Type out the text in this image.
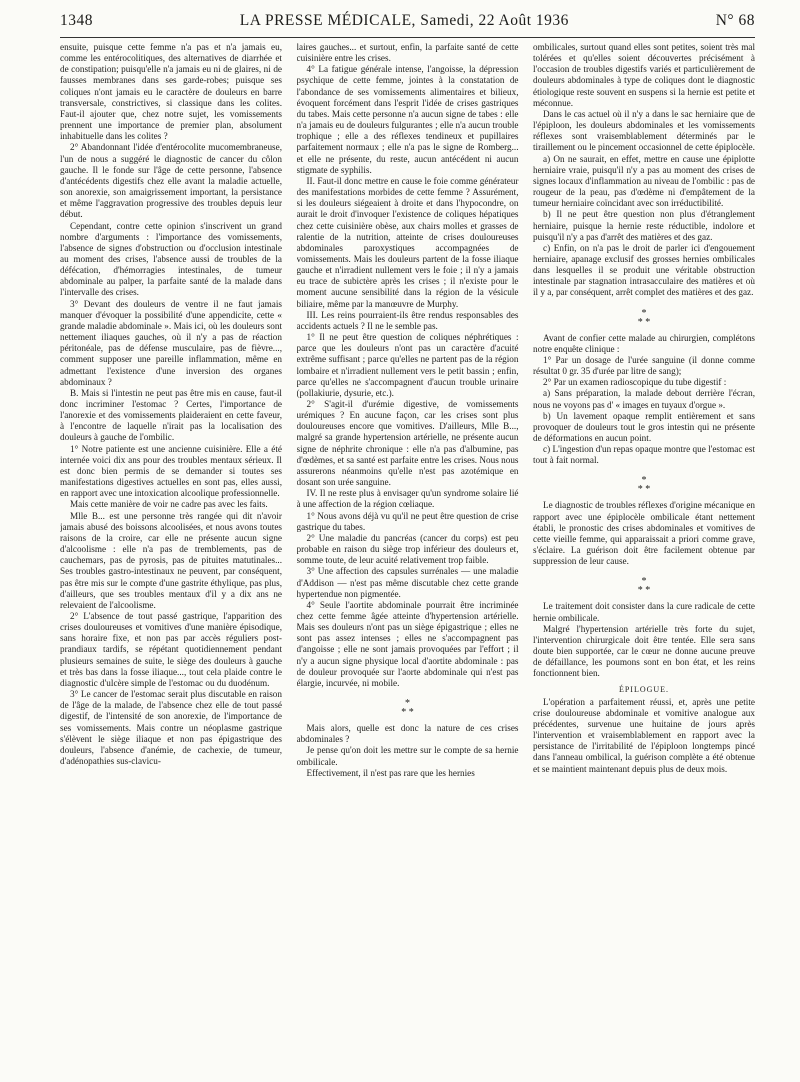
1348	LA PRESSE MÉDICALE, Samedi, 22 Août 1936	N° 68

ensuite, puisque cette femme n'a pas et n'a jamais eu, comme les entérocolitiques, des alternatives de diarrhée et de constipation; puisqu'elle n'a jamais eu ni de glaires, ni de fausses membranes dans ses garde-robes; puisque ses coliques n'ont jamais eu le caractère de douleurs en barre transversale, constrictives, si classique dans les colites. Faut-il ajouter que, chez notre sujet, les vomissements prennent une importance de premier plan, absolument inhabituelle dans les colites ?

2° Abandonnant l'idée d'entérocolite mucomembraneuse, l'un de nous a suggéré le diagnostic de cancer du côlon gauche. Il le fonde sur l'âge de cette personne, l'absence d'antécédents digestifs chez elle avant la maladie actuelle, son anorexie, son amaigrissement important, la persistance et même l'aggravation progressive des troubles depuis leur début.

Cependant, contre cette opinion s'inscrivent un grand nombre d'arguments : l'importance des vomissements, l'absence de signes d'obstruction ou d'occlusion intestinale au moment des crises, l'absence aussi de troubles de la défécation, d'hémorragies intestinales, de tumeur abdominale au palper, la parfaite santé de la malade dans l'intervalle des crises.

3° Devant des douleurs de ventre il ne faut jamais manquer d'évoquer la possibilité d'une appendicite, cette « grande maladie abdominale ». Mais ici, où les douleurs sont nettement iliaques gauches, où il n'y a pas de réaction péritonéale, pas de défense musculaire, pas de fièvre..., comment supposer une pareille inflammation, même en admettant l'existence d'une inversion des organes abdominaux ?

B. Mais si l'intestin ne peut pas être mis en cause, faut-il donc incriminer l'estomac ? Certes, l'importance de l'anorexie et des vomissements plaideraient en cette faveur, à l'encontre de laquelle n'irait pas la localisation des douleurs à gauche de l'ombilic.

1° Notre patiente est une ancienne cuisinière. Elle a été internée voici dix ans pour des troubles mentaux sérieux. Il est donc bien permis de se demander si toutes ses manifestations digestives actuelles en sont pas, elles aussi, en rapport avec une intoxication alcoolique professionnelle.

Mais cette manière de voir ne cadre pas avec les faits.

Mlle B... est une personne très rangée qui dit n'avoir jamais abusé des boissons alcoolisées, et nous avons toutes raisons de la croire, car elle ne présente aucun signe d'alcoolisme : elle n'a pas de tremblements, pas de cauchemars, pas de pyrosis, pas de pituites matutinales... Ses troubles gastro-intestinaux ne peuvent, par conséquent, pas être mis sur le compte d'une gastrite éthylique, pas plus, d'ailleurs, que ses troubles mentaux d'il y a dix ans ne relevaient de l'alcoolisme.

2° L'absence de tout passé gastrique, l'apparition des crises douloureuses et vomitives d'une manière épisodique, sans horaire fixe, et non pas par accès réguliers post-prandiaux tardifs, se répétant quotidiennement pendant plusieurs semaines de suite, le siège des douleurs à gauche et très bas dans la fosse iliaque..., tout cela plaide contre le diagnostic d'ulcère simple de l'estomac ou du duodénum.

3° Le cancer de l'estomac serait plus discutable en raison de l'âge de la malade, de l'absence chez elle de tout passé digestif, de l'intensité de son anorexie, de l'importance de ses vomissements. Mais contre un néoplasme gastrique s'élèvent le siège iliaque et non pas épigastrique des douleurs, l'absence d'anémie, de cachexie, de tumeur, d'adénopathies sus-clavicu-

laires gauches... et surtout, enfin, la parfaite santé de cette cuisinière entre les crises.

4° La fatigue générale intense, l'angoisse, la dépression psychique de cette femme, jointes à la constatation de l'abondance de ses vomissements alimentaires et bilieux, évoquent forcément dans l'esprit l'idée de crises gastriques du tabes. Mais cette personne n'a aucun signe de tabes : elle n'a jamais eu de douleurs fulgurantes ; elle n'a aucun trouble trophique ; elle a des réflexes tendineux et pupillaires parfaitement normaux ; elle n'a pas le signe de Romberg... et elle ne présente, du reste, aucun antécédent ni aucun stigmate de syphilis.

II. Faut-il donc mettre en cause le foie comme générateur des manifestations morbides de cette femme ? Assurément, si les douleurs siégeaient à droite et dans l'hypocondre, on aurait le droit d'invoquer l'existence de coliques hépatiques chez cette cuisinière obèse, aux chairs molles et grasses de ralentie de la nutrition, atteinte de crises douloureuses abdominales paroxystiques accompagnées de vomissements. Mais les douleurs partent de la fosse iliaque gauche et n'irradient nullement vers le foie ; il n'y a jamais eu trace de subictère après les crises ; il n'existe pour le moment aucune sensibilité dans la région de la vésicule biliaire, même par la manœuvre de Murphy.

III. Les reins pourraient-ils être rendus responsables des accidents actuels ? Il ne le semble pas.

1° Il ne peut être question de coliques néphrétiques : parce que les douleurs n'ont pas un caractère d'acuité extrême suffisant ; parce qu'elles ne partent pas de la région lombaire et n'irradient nullement vers le petit bassin ; enfin, parce qu'elles ne s'accompagnent d'aucun trouble urinaire (pollakiurie, dysurie, etc.).

2° S'agit-il d'urémie digestive, de vomissements urémiques ? En aucune façon, car les crises sont plus douloureuses encore que vomitives. D'ailleurs, Mlle B..., malgré sa grande hypertension artérielle, ne présente aucun signe de néphrite chronique : elle n'a pas d'albumine, pas d'œdèmes, et sa santé est parfaite entre les crises. Nous nous assurerons néanmoins qu'elle n'est pas azotémique en dosant son urée sanguine.

IV. Il ne reste plus à envisager qu'un syndrome solaire lié à une affection de la région cœliaque.

1° Nous avons déjà vu qu'il ne peut être question de crise gastrique du tabes.

2° Une maladie du pancréas (cancer du corps) est peu probable en raison du siège trop inférieur des douleurs et, somme toute, de leur acuité relativement trop faible.

3° Une affection des capsules surrénales — une maladie d'Addison — n'est pas même discutable chez cette grande hypertendue non pigmentée.

4° Seule l'aortite abdominale pourrait être incriminée chez cette femme âgée atteinte d'hypertension artérielle. Mais ses douleurs n'ont pas un siège épigastrique ; elles ne sont pas assez intenses ; elles ne s'accompagnent pas d'angoisse ; elle ne sont jamais provoquées par l'effort ; il n'y a aucun signe physique local d'aortite abdominale : pas de douleur provoquée sur l'aorte abdominale qui n'est pas élargie, incurvée, ni mobile.

*
* *

Mais alors, quelle est donc la nature de ces crises abdominales ?

Je pense qu'on doit les mettre sur le compte de sa hernie ombilicale.

Effectivement, il n'est pas rare que les hernies

ombilicales, surtout quand elles sont petites, soient très mal tolérées et qu'elles soient découvertes précisément à l'occasion de troubles digestifs variés et particulièrement de douleurs abdominales à type de coliques dont le diagnostic étiologique reste souvent en suspens si la hernie est petite et méconnue.

Dans le cas actuel où il n'y a dans le sac herniaire que de l'épiploon, les douleurs abdominales et les vomissements réflexes sont vraisemblablement déterminés par le tiraillement ou le pincement occasionnel de cette épiplocèle.

a) On ne saurait, en effet, mettre en cause une épiplotte herniaire vraie, puisqu'il n'y a pas au moment des crises de signes locaux d'inflammation au niveau de l'ombilic : pas de rougeur de la peau, pas d'œdème ni d'empâtement de la tumeur herniaire coïncidant avec son irréductibilité.

b) Il ne peut être question non plus d'étranglement herniaire, puisque la hernie reste réductible, indolore et puisqu'il n'y a pas d'arrêt des matières et des gaz.

c) Enfin, on n'a pas le droit de parler ici d'engouement herniaire, apanage exclusif des grosses hernies ombilicales dans lesquelles il se produit une véritable obstruction intestinale par stagnation intrasacculaire des matières et où il y a, par conséquent, arrêt complet des matières et des gaz.

*
* *

Avant de confier cette malade au chirurgien, complétons notre enquête clinique :

1° Par un dosage de l'urée sanguine (il donne comme résultat 0 gr. 35 d'urée par litre de sang);

2° Par un examen radioscopique du tube digestif :

a) Sans préparation, la malade debout derrière l'écran, nous ne voyons pas d' « images en tuyaux d'orgue ».

b) Un lavement opaque remplit entièrement et sans provoquer de douleurs tout le gros intestin qui ne présente de déformations en aucun point.

c) L'ingestion d'un repas opaque montre que l'estomac est tout à fait normal.

*
* *

Le diagnostic de troubles réflexes d'origine mécanique en rapport avec une épiplocèle ombilicale étant nettement établi, le pronostic des crises abdominales et vomitives de cette vieille femme, qui apparaissait a priori comme grave, s'éclaire. La guérison doit être facilement obtenue par suppression de leur cause.

*
* *

Le traitement doit consister dans la cure radicale de cette hernie ombilicale.

Malgré l'hypertension artérielle très forte du sujet, l'intervention chirurgicale doit être tentée. Elle sera sans doute bien supportée, car le cœur ne donne aucune preuve de défaillance, les poumons sont en bon état, et les reins fonctionnent bien.

ÉPILOGUE.

L'opération a parfaitement réussi, et, après une petite crise douloureuse abdominale et vomitive analogue aux précédentes, survenue une huitaine de jours après l'intervention et vraisemblablement en rapport avec la persistance de l'irritabilité de l'épiploon longtemps pincé dans l'anneau ombilical, la guérison complète a été obtenue et se maintient maintenant depuis plus de deux mois.
